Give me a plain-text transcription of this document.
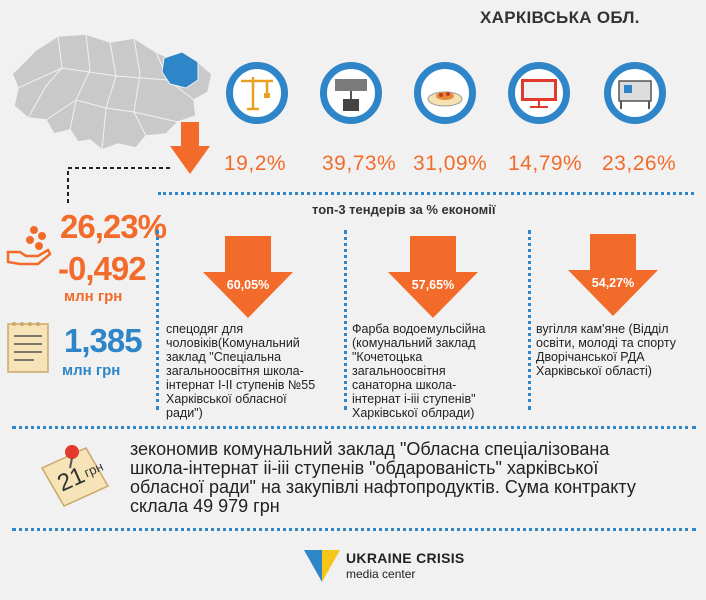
ХАРКІВСЬКА ОБЛ.
19,2% 39,73% 31,09% 14,79% 23,26%
топ-3 тендерів за % економії
26,23%
-0,492
млн грн
1,385
млн грн
60,05%	57,65%	54,27%
спецодяг для
чоловіків(Комунальний
заклад "Спеціальна
загальноосвітня школа-
інтернат І-ІІ ступенів №55
Харківської обласної
ради")
Фарба водоемульсійна
(комунальний заклад
"Кочетоцька
загальноосвітня
санаторна школа-
інтернат і-ііі ступенів"
Харківської облради)
вугілля кам'яне (Відділ
освіти, молоді та спорту
Дворічанської РДА
Харківської області)
21
грн
зекономив комунальний заклад "Обласна спеціалізована
школа-інтернат іі-ііі ступенів "обдарованість" харківської
обласної ради" на закупівлі нафтопродуктів. Сума контракту
склала 49 979 грн
UKRAINE CRISIS
media center
